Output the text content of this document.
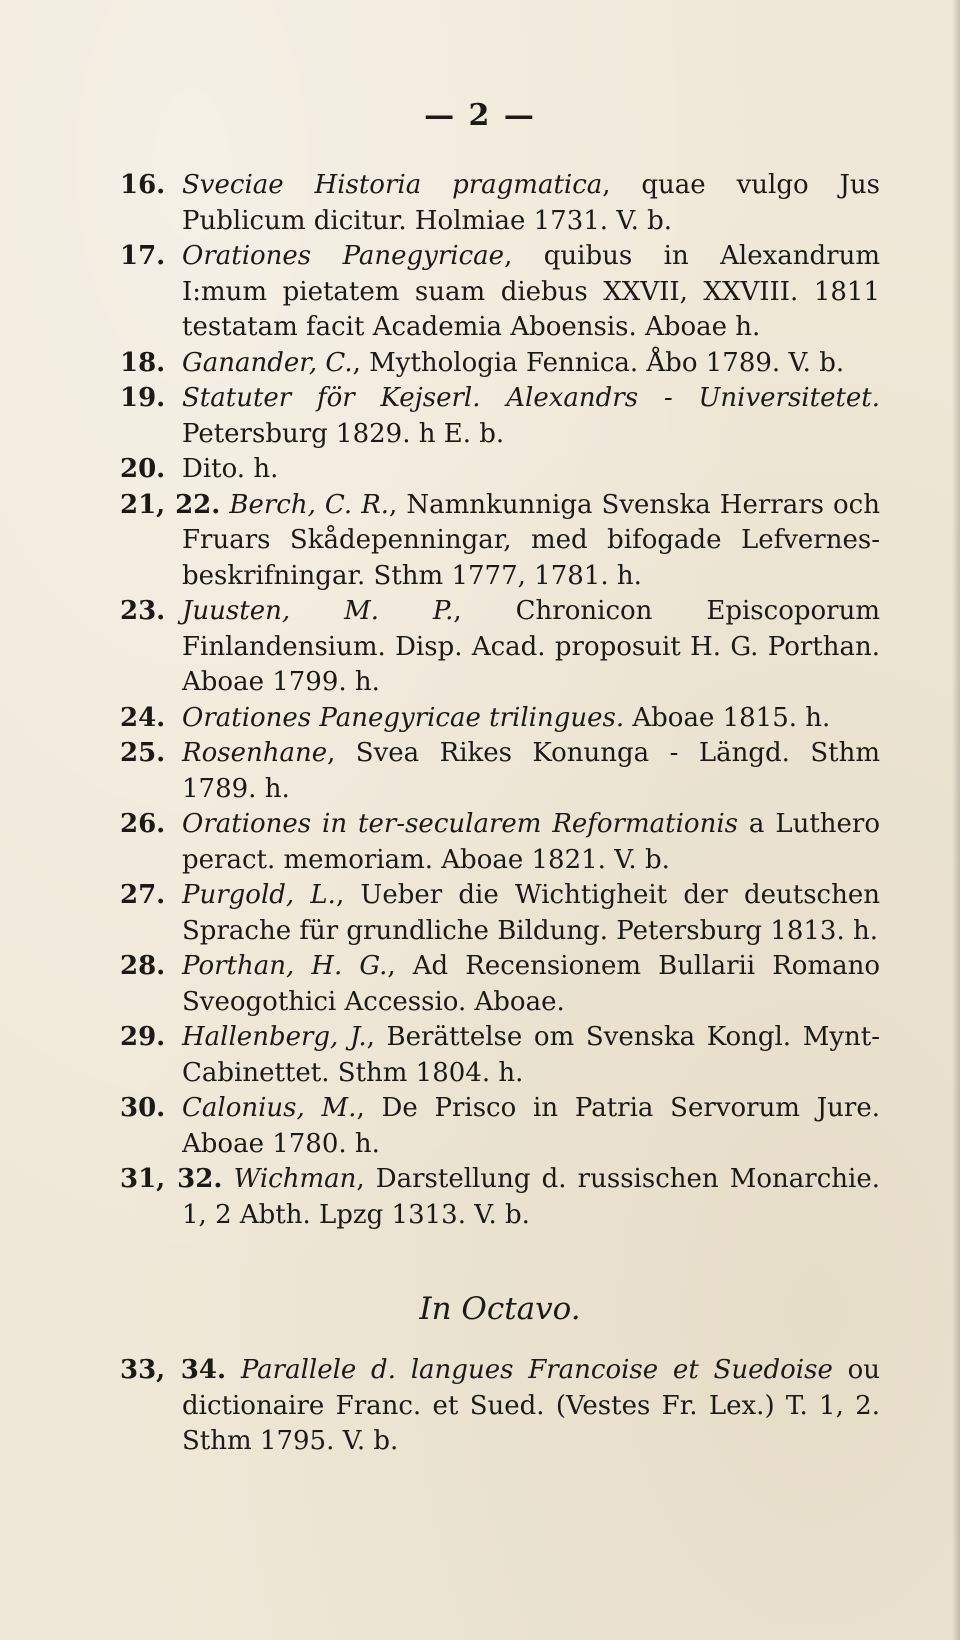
— 2 —
16. Sveciae Historia pragmatica, quae vulgo Jus Publicum dicitur. Holmiae 1731. V. b.
17. Orationes Panegyricae, quibus in Alexandrum I:mum pietatem suam diebus XXVII, XXVIII. 1811 testatam facit Academia Aboensis. Aboae h.
18. Ganander, C., Mythologia Fennica. Åbo 1789. V. b.
19. Statuter för Kejserl. Alexandrs - Universitetet. Petersburg 1829. h E. b.
20. Dito. h.
21, 22. Berch, C. R., Namnkunniga Svenska Herrars och Fruars Skådepenningar, med bifogade Lefvernes-beskrifningar. Sthm 1777, 1781. h.
23. Juusten, M. P., Chronicon Episcoporum Finlandensium. Disp. Acad. proposuit H. G. Porthan. Aboae 1799. h.
24. Orationes Panegyricae trilingues. Aboae 1815. h.
25. Rosenhane, Svea Rikes Konunga - Längd. Sthm 1789. h.
26. Orationes in ter-secularem Reformationis a Luthero peract. memoriam. Aboae 1821. V. b.
27. Purgold, L., Ueber die Wichtigheit der deutschen Sprache für grundliche Bildung. Petersburg 1813. h.
28. Porthan, H. G., Ad Recensionem Bullarii Romano Sveogothici Accessio. Aboae.
29. Hallenberg, J., Berättelse om Svenska Kongl. Mynt-Cabinettet. Sthm 1804. h.
30. Calonius, M., De Prisco in Patria Servorum Jure. Aboae 1780. h.
31, 32. Wichman, Darstellung d. russischen Monarchie. 1, 2 Abth. Lpzg 1313. V. b.
In Octavo.
33, 34. Parallele d. langues Francoise et Suedoise ou dictionaire Franc. et Sued. (Vestes Fr. Lex.) T. 1, 2. Sthm 1795. V. b.
